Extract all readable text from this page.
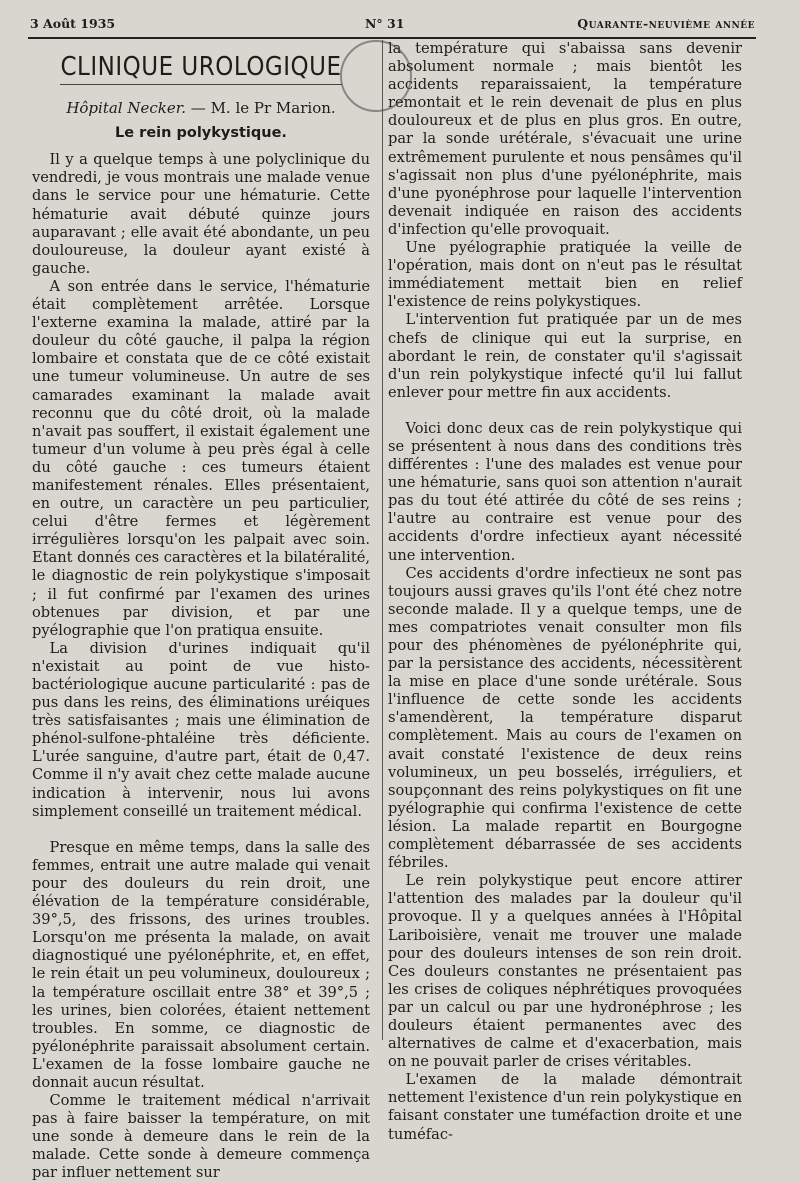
3 Août 1935	N° 31	Quarante-neuvième année
CLINIQUE UROLOGIQUE
Hôpital Necker. — M. le Pr Marion.
Le rein polykystique.

Il y a quelque temps à une polyclinique du vendredi, je vous montrais une malade venue dans le service pour une hématurie. Cette hématurie avait débuté quinze jours auparavant ; elle avait été abondante, un peu douloureuse, la douleur ayant existé à gauche.

A son entrée dans le service, l'hématurie était complètement arrêtée. Lorsque l'externe examina la malade, attiré par la douleur du côté gauche, il palpa la région lombaire et constata que de ce côté existait une tumeur volumineuse. Un autre de ses camarades examinant la malade avait reconnu que du côté droit, où la malade n'avait pas souffert, il existait également une tumeur d'un volume à peu près égal à celle du côté gauche : ces tumeurs étaient manifestement rénales. Elles présentaient, en outre, un caractère un peu particulier, celui d'être fermes et légèrement irrégulières lorsqu'on les palpait avec soin. Etant donnés ces caractères et la bilatéralité, le diagnostic de rein polykystique s'imposait ; il fut confirmé par l'examen des urines obtenues par division, et par une pyélographie que l'on pratiqua ensuite.

La division d'urines indiquait qu'il n'existait au point de vue histo-bactériologique aucune particularité : pas de pus dans les reins, des éliminations uréiques très satisfaisantes ; mais une élimination de phénol-sulfone-phtaléine très déficiente. L'urée sanguine, d'autre part, était de 0,47. Comme il n'y avait chez cette malade aucune indication à intervenir, nous lui avons simplement conseillé un traitement médical.

Presque en même temps, dans la salle des femmes, entrait une autre malade qui venait pour des douleurs du rein droit, une élévation de la température considérable, 39°,5, des frissons, des urines troubles. Lorsqu'on me présenta la malade, on avait diagnostiqué une pyélonéphrite, et, en effet, le rein était un peu volumineux, douloureux ; la température oscillait entre 38° et 39°,5 ; les urines, bien colorées, étaient nettement troubles. En somme, ce diagnostic de pyélonéphrite paraissait absolument certain. L'examen de la fosse lombaire gauche ne donnait aucun résultat.

Comme le traitement médical n'arrivait pas à faire baisser la température, on mit une sonde à demeure dans le rein de la malade. Cette sonde à demeure commença par influer nettement sur

la température qui s'abaissa sans devenir absolument normale ; mais bientôt les accidents reparaissaient, la température remontait et le rein devenait de plus en plus douloureux et de plus en plus gros. En outre, par la sonde urétérale, s'évacuait une urine extrêmement purulente et nous pensâmes qu'il s'agissait non plus d'une pyélonéphrite, mais d'une pyonéphrose pour laquelle l'intervention devenait indiquée en raison des accidents d'infection qu'elle provoquait.

Une pyélographie pratiquée la veille de l'opération, mais dont on n'eut pas le résultat immédiatement mettait bien en relief l'existence de reins polykystiques.

L'intervention fut pratiquée par un de mes chefs de clinique qui eut la surprise, en abordant le rein, de constater qu'il s'agissait d'un rein polykystique infecté qu'il lui fallut enlever pour mettre fin aux accidents.

Voici donc deux cas de rein polykystique qui se présentent à nous dans des conditions très différentes : l'une des malades est venue pour une hématurie, sans quoi son attention n'aurait pas du tout été attirée du côté de ses reins ; l'autre au contraire est venue pour des accidents d'ordre infectieux ayant nécessité une intervention.

Ces accidents d'ordre infectieux ne sont pas toujours aussi graves qu'ils l'ont été chez notre seconde malade. Il y a quelque temps, une de mes compatriotes venait consulter mon fils pour des phénomènes de pyélonéphrite qui, par la persistance des accidents, nécessitèrent la mise en place d'une sonde urétérale. Sous l'influence de cette sonde les accidents s'amendèrent, la température disparut complètement. Mais au cours de l'examen on avait constaté l'existence de deux reins volumineux, un peu bosselés, irréguliers, et soupçonnant des reins polykystiques on fit une pyélographie qui confirma l'existence de cette lésion. La malade repartit en Bourgogne complètement débarrassée de ses accidents fébriles.

Le rein polykystique peut encore attirer l'attention des malades par la douleur qu'il provoque. Il y a quelques années à l'Hôpital Lariboisière, venait me trouver une malade pour des douleurs intenses de son rein droit. Ces douleurs constantes ne présentaient pas les crises de coliques néphrétiques provoquées par un calcul ou par une hydronéphrose ; les douleurs étaient permanentes avec des alternatives de calme et d'exacerbation, mais on ne pouvait parler de crises véritables.

L'examen de la malade démontrait nettement l'existence d'un rein polykystique en faisant constater une tuméfaction droite et une tuméfac-
